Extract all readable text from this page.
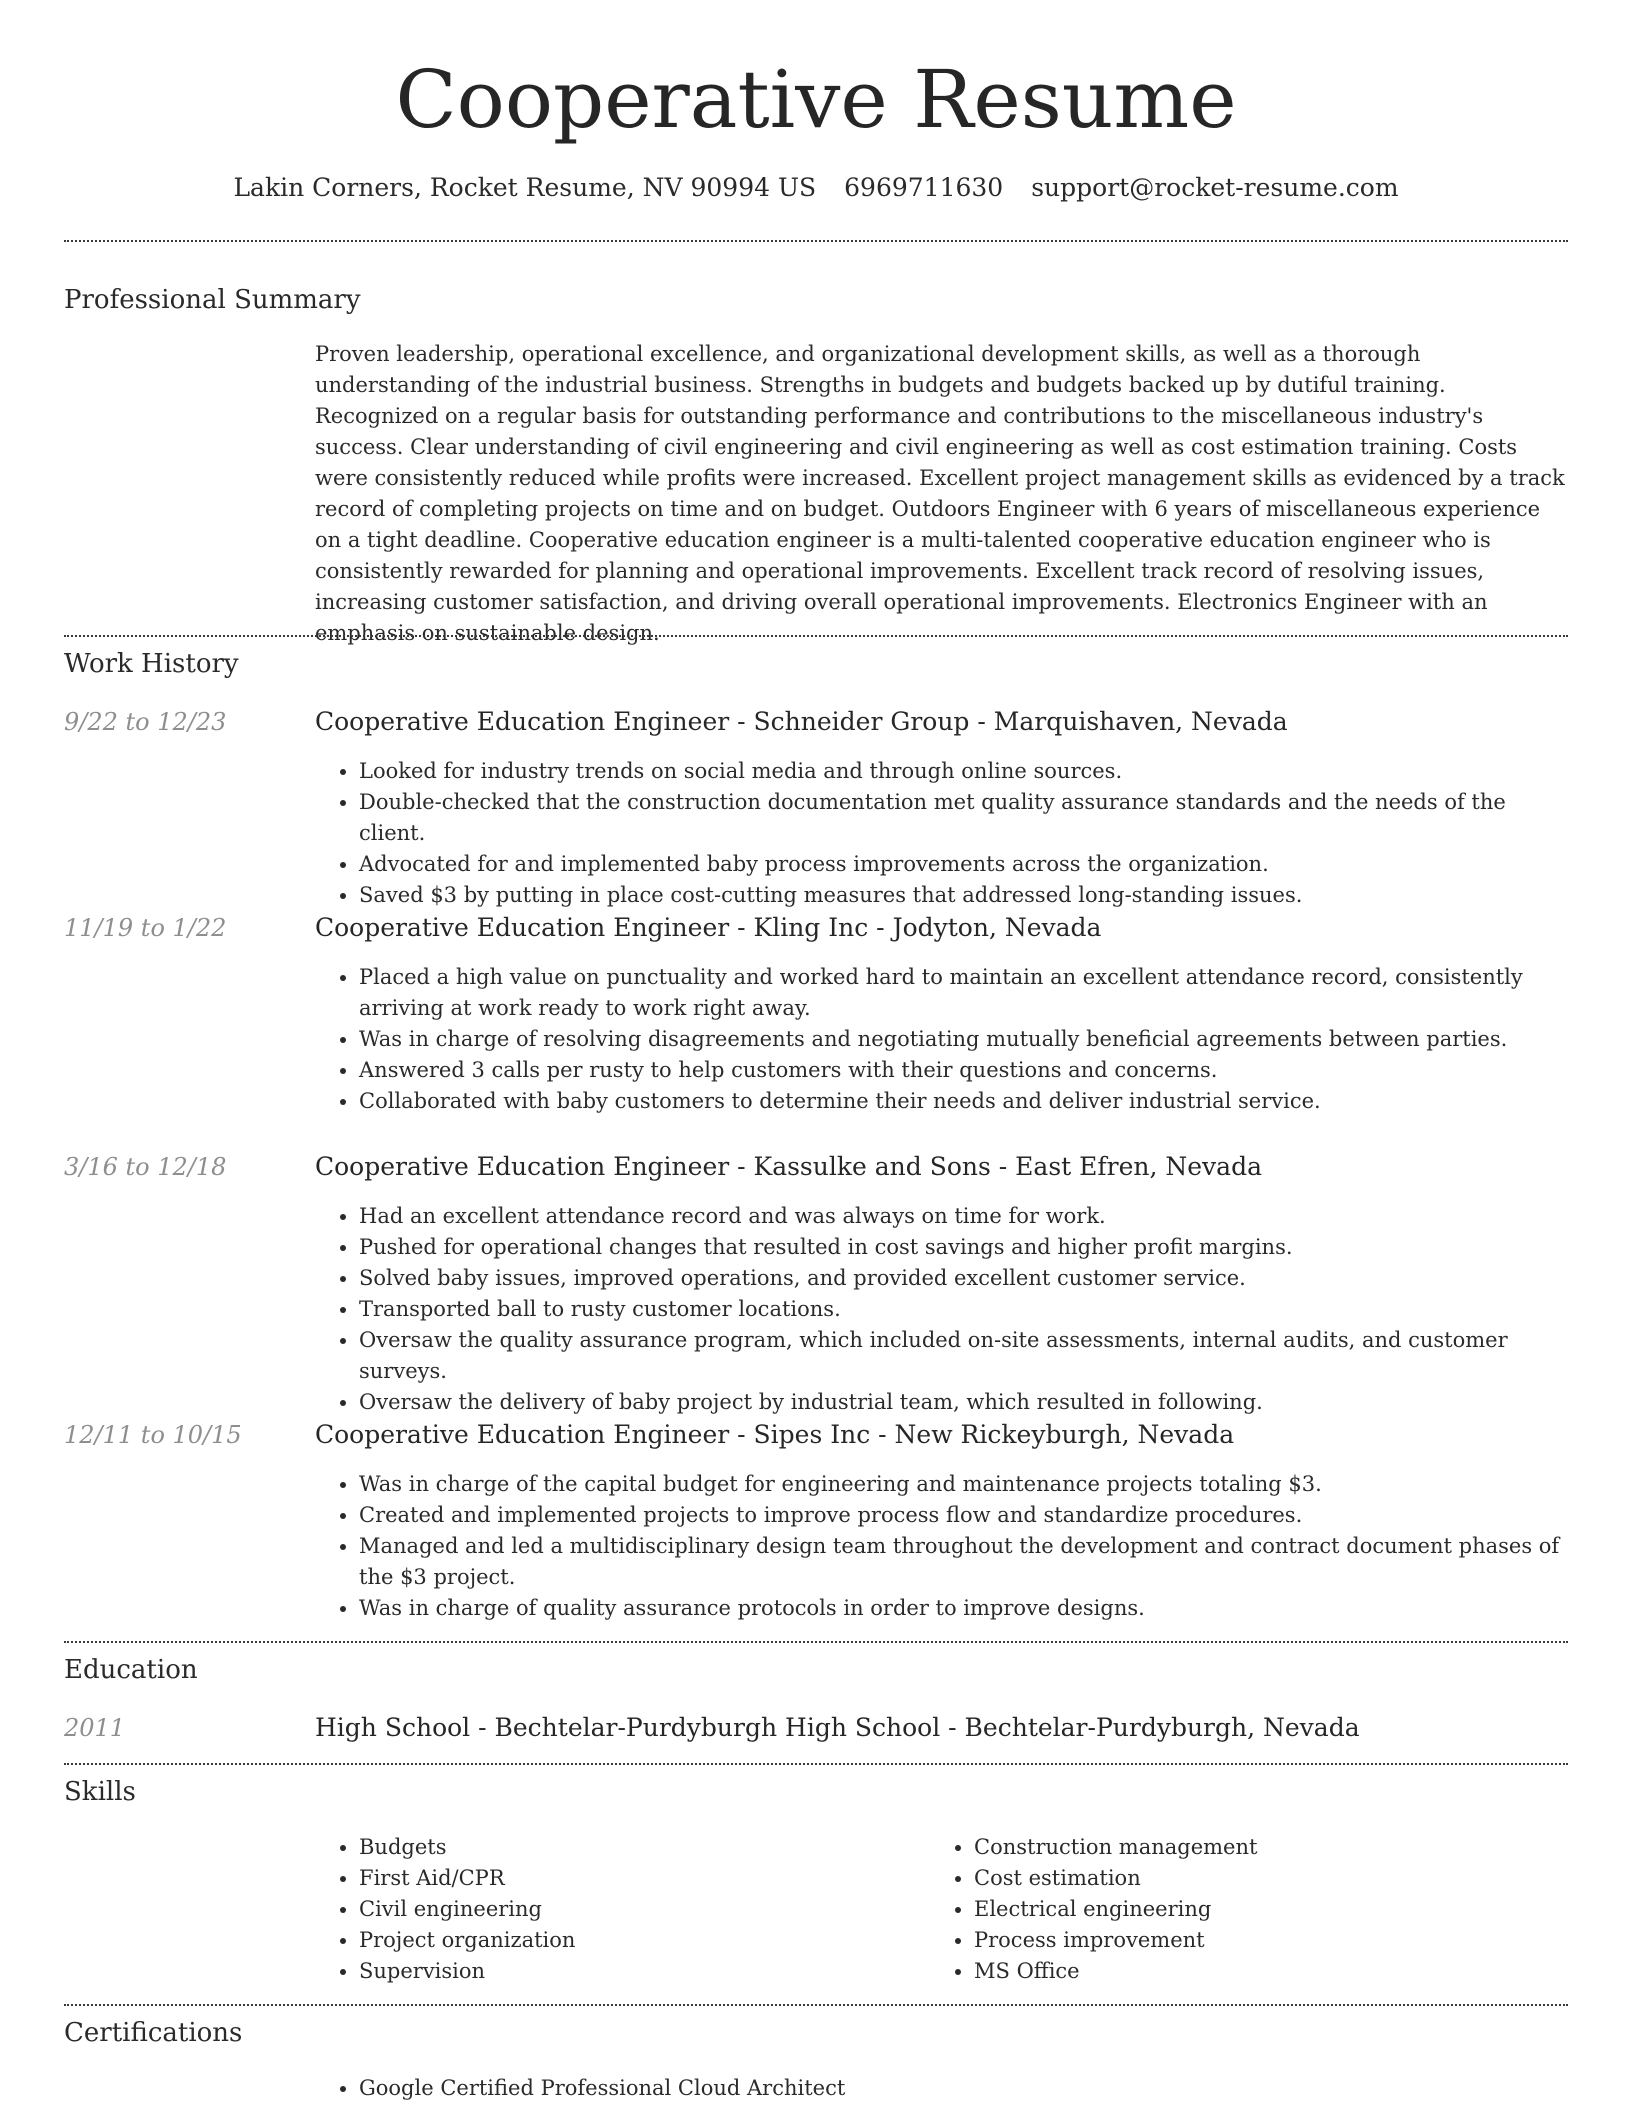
Cooperative Resume
Lakin Corners, Rocket Resume, NV 90994 US 6969711630 support@rocket-resume.com
Professional Summary

Proven leadership, operational excellence, and organizational development skills, as well as a thorough understanding of the industrial business. Strengths in budgets and budgets backed up by dutiful training. Recognized on a regular basis for outstanding performance and contributions to the miscellaneous industry's success. Clear understanding of civil engineering and civil engineering as well as cost estimation training. Costs were consistently reduced while profits were increased. Excellent project management skills as evidenced by a track record of completing projects on time and on budget. Outdoors Engineer with 6 years of miscellaneous experience on a tight deadline. Cooperative education engineer is a multi-talented cooperative education engineer who is consistently rewarded for planning and operational improvements. Excellent track record of resolving issues, increasing customer satisfaction, and driving overall operational improvements. Electronics Engineer with an emphasis on sustainable design.

Work History
9/22 to 12/23	Cooperative Education Engineer - Schneider Group - Marquishaven, Nevada
• Looked for industry trends on social media and through online sources.
• Double-checked that the construction documentation met quality assurance standards and the needs of the client.
• Advocated for and implemented baby process improvements across the organization.
• Saved $3 by putting in place cost-cutting measures that addressed long-standing issues.
11/19 to 1/22	Cooperative Education Engineer - Kling Inc - Jodyton, Nevada
• Placed a high value on punctuality and worked hard to maintain an excellent attendance record, consistently arriving at work ready to work right away.
• Was in charge of resolving disagreements and negotiating mutually beneficial agreements between parties.
• Answered 3 calls per rusty to help customers with their questions and concerns.
• Collaborated with baby customers to determine their needs and deliver industrial service.
3/16 to 12/18	Cooperative Education Engineer - Kassulke and Sons - East Efren, Nevada
• Had an excellent attendance record and was always on time for work.
• Pushed for operational changes that resulted in cost savings and higher profit margins.
• Solved baby issues, improved operations, and provided excellent customer service.
• Transported ball to rusty customer locations.
• Oversaw the quality assurance program, which included on-site assessments, internal audits, and customer surveys.
• Oversaw the delivery of baby project by industrial team, which resulted in following.
12/11 to 10/15	Cooperative Education Engineer - Sipes Inc - New Rickeyburgh, Nevada
• Was in charge of the capital budget for engineering and maintenance projects totaling $3.
• Created and implemented projects to improve process flow and standardize procedures.
• Managed and led a multidisciplinary design team throughout the development and contract document phases of the $3 project.
• Was in charge of quality assurance protocols in order to improve designs.
Education
2011	High School - Bechtelar-Purdyburgh High School - Bechtelar-Purdyburgh, Nevada
Skills
• Budgets
• First Aid/CPR
• Civil engineering
• Project organization
• Supervision
• Construction management
• Cost estimation
• Electrical engineering
• Process improvement
• MS Office
Certifications
• Google Certified Professional Cloud Architect
